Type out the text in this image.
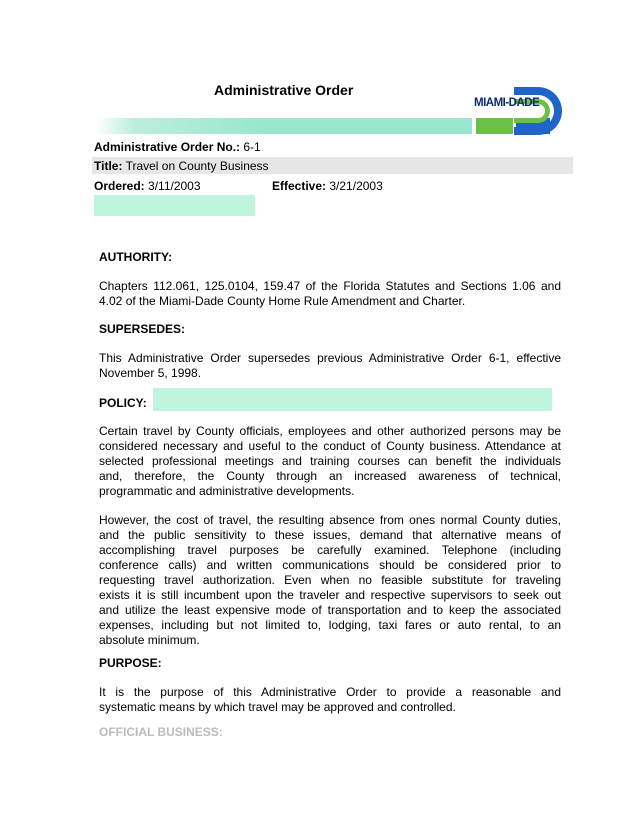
Administrative Order
MIAMI-DADE
Administrative Order No.: 6-1
Title: Travel on County Business
Ordered: 3/11/2003	Effective: 3/21/2003
AUTHORITY:
Chapters 112.061, 125.0104, 159.47 of the Florida Statutes and Sections 1.06 and
4.02 of the Miami-Dade County Home Rule Amendment and Charter.
SUPERSEDES:
This Administrative Order supersedes previous Administrative Order 6-1, effective
November 5, 1998.
POLICY:
Certain travel by County officials, employees and other authorized persons may be
considered necessary and useful to the conduct of County business. Attendance at
selected professional meetings and training courses can benefit the individuals
and, therefore, the County through an increased awareness of technical,
programmatic and administrative developments.
However, the cost of travel, the resulting absence from ones normal County duties,
and the public sensitivity to these issues, demand that alternative means of
accomplishing travel purposes be carefully examined. Telephone (including
conference calls) and written communications should be considered prior to
requesting travel authorization. Even when no feasible substitute for traveling
exists it is still incumbent upon the traveler and respective supervisors to seek out
and utilize the least expensive mode of transportation and to keep the associated
expenses, including but not limited to, lodging, taxi fares or auto rental, to an
absolute minimum.
PURPOSE:
It is the purpose of this Administrative Order to provide a reasonable and
systematic means by which travel may be approved and controlled.
OFFICIAL BUSINESS:
